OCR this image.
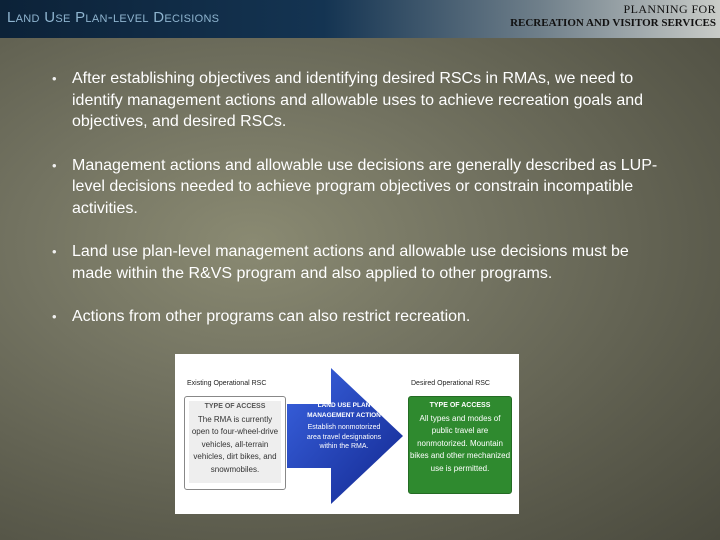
Land Use Plan-level Decisions	PLANNING FOR
RECREATION AND VISITOR SERVICES
• After establishing objectives and identifying desired RSCs in RMAs, we need to identify management actions and allowable uses to achieve recreation goals and objectives, and desired RSCs.
• Management actions and allowable use decisions are generally described as LUP-level decisions needed to achieve program objectives or constrain incompatible activities.
• Land use plan-level management actions and allowable use decisions must be made within the R&VS program and also applied to other programs.
• Actions from other programs can also restrict recreation.
Existing Operational RSC	Desired Operational RSC
TYPE OF ACCESS
The RMA is currently open to four-wheel-drive vehicles, all-terrain vehicles, dirt bikes, and snowmobiles.
LAND USE PLAN MANAGEMENT ACTION
Establish nonmotorized area travel designations within the RMA.
TYPE OF ACCESS
All types and modes of public travel are nonmotorized. Mountain bikes and other mechanized use is permitted.
